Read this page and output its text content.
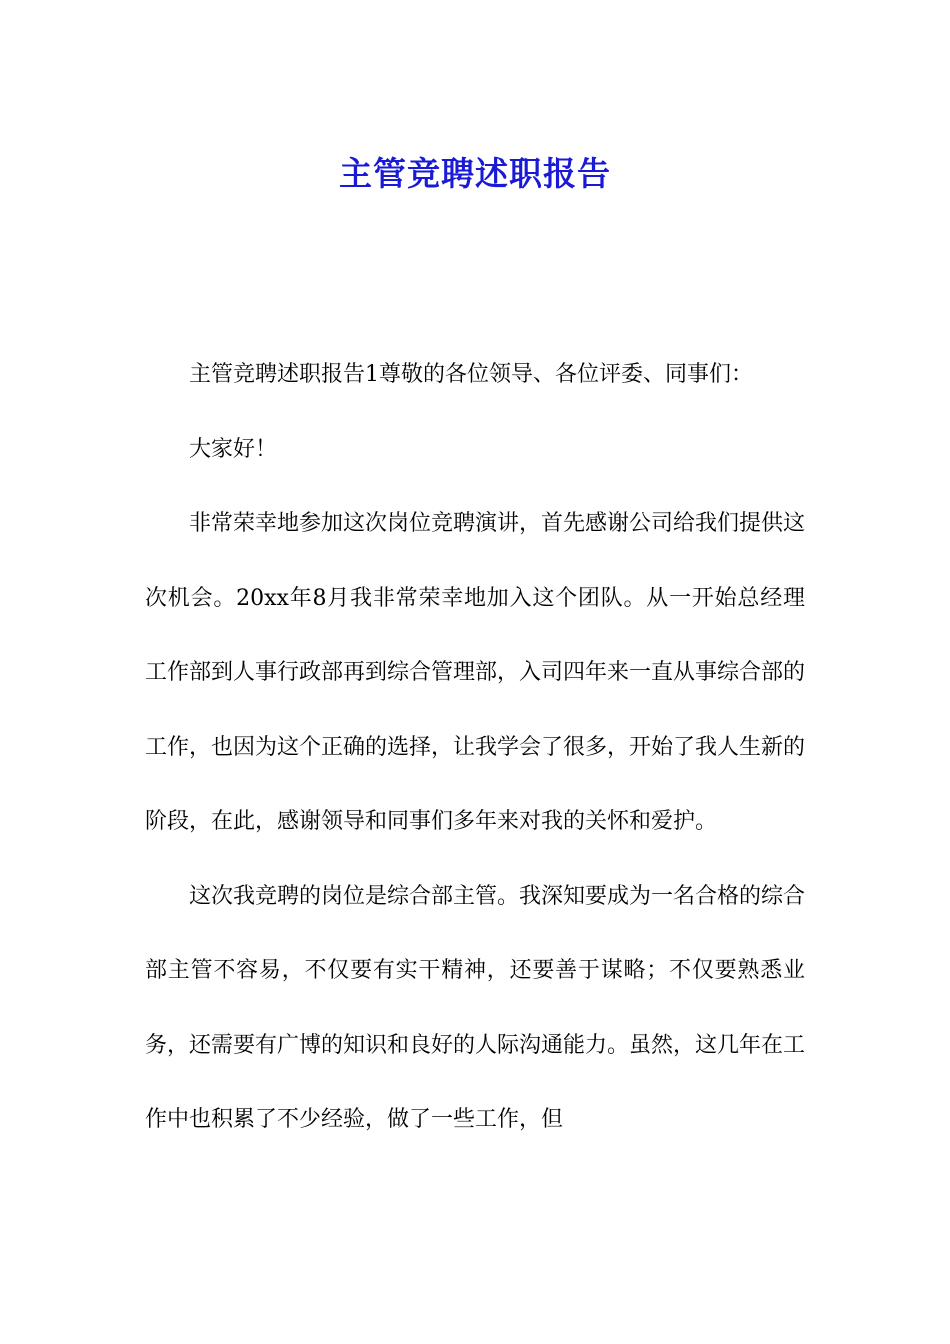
主管竞聘述职报告

主管竞聘述职报告1尊敬的各位领导、各位评委、同事们：

大家好！

非常荣幸地参加这次岗位竞聘演讲，首先感谢公司给我们提供这次机会。20xx年8月我非常荣幸地加入这个团队。从一开始总经理工作部到人事行政部再到综合管理部，入司四年来一直从事综合部的工作，也因为这个正确的选择，让我学会了很多，开始了我人生新的阶段，在此，感谢领导和同事们多年来对我的关怀和爱护。

这次我竞聘的岗位是综合部主管。我深知要成为一名合格的综合部主管不容易，不仅要有实干精神，还要善于谋略；不仅要熟悉业务，还需要有广博的知识和良好的人际沟通能力。虽然，这几年在工作中也积累了不少经验，做了一些工作，但
